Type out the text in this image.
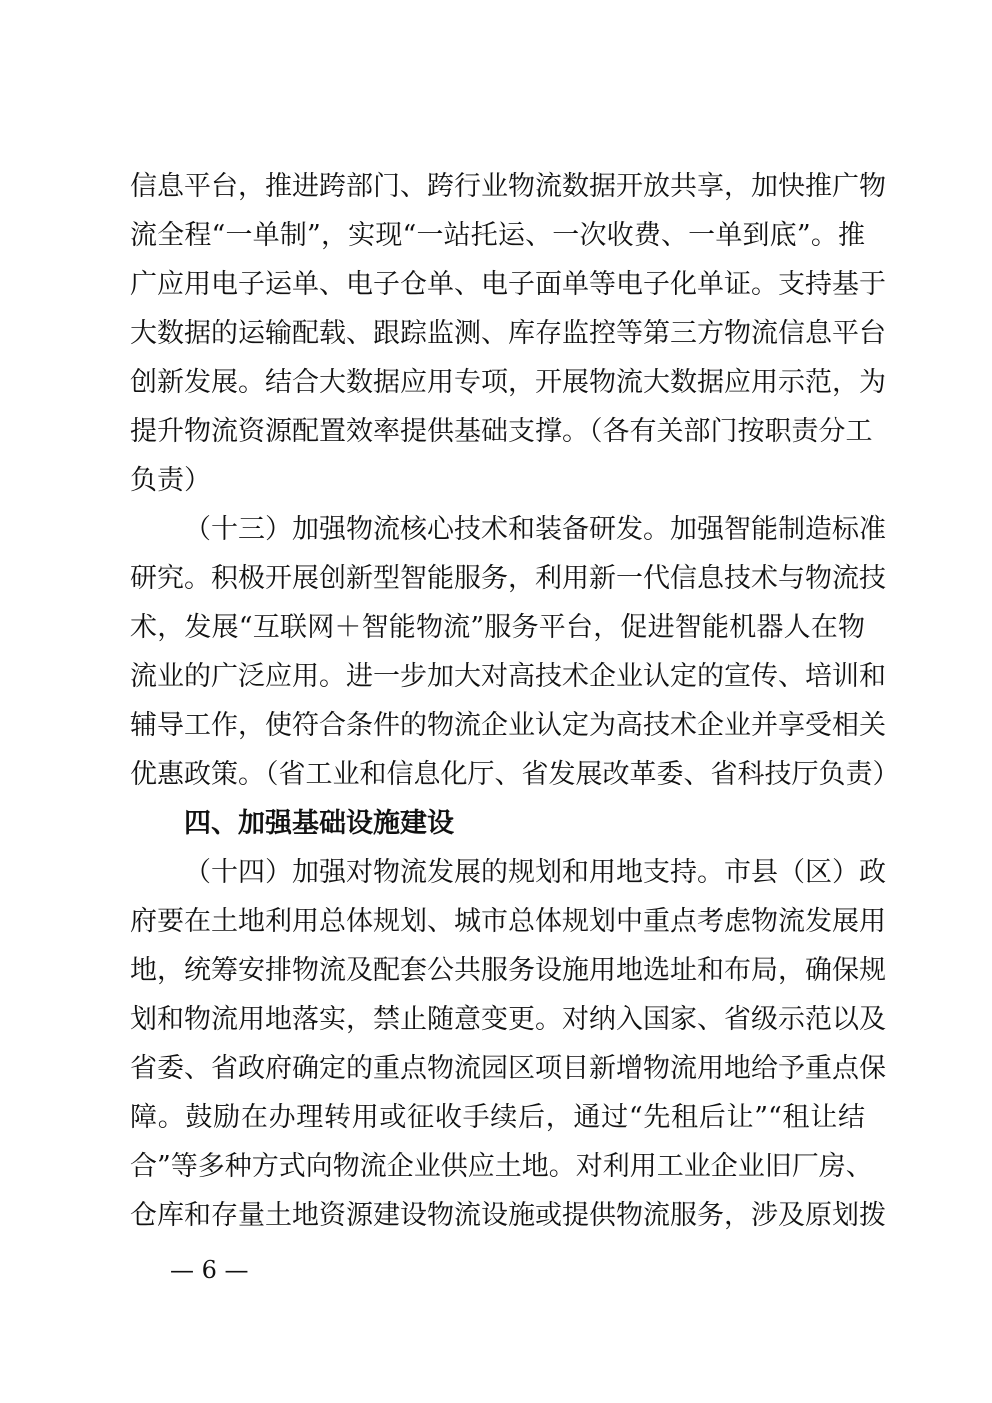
信息平台，推进跨部门、跨行业物流数据开放共享，加快推广物
流全程“一单制”，实现“一站托运、一次收费、一单到底”。推
广应用电子运单、电子仓单、电子面单等电子化单证。支持基于
大数据的运输配载、跟踪监测、库存监控等第三方物流信息平台
创新发展。结合大数据应用专项，开展物流大数据应用示范，为
提升物流资源配置效率提供基础支撑。（各有关部门按职责分工
负责）
（十三）加强物流核心技术和装备研发。加强智能制造标准
研究。积极开展创新型智能服务，利用新一代信息技术与物流技
术，发展“互联网＋智能物流”服务平台，促进智能机器人在物
流业的广泛应用。进一步加大对高技术企业认定的宣传、培训和
辅导工作，使符合条件的物流企业认定为高技术企业并享受相关
优惠政策。（省工业和信息化厅、省发展改革委、省科技厅负责）
四、加强基础设施建设
（十四）加强对物流发展的规划和用地支持。市县（区）政
府要在土地利用总体规划、城市总体规划中重点考虑物流发展用
地，统筹安排物流及配套公共服务设施用地选址和布局，确保规
划和物流用地落实，禁止随意变更。对纳入国家、省级示范以及
省委、省政府确定的重点物流园区项目新增物流用地给予重点保
障。鼓励在办理转用或征收手续后，通过“先租后让”“租让结
合”等多种方式向物流企业供应土地。对利用工业企业旧厂房、
仓库和存量土地资源建设物流设施或提供物流服务，涉及原划拨
— 6 —
